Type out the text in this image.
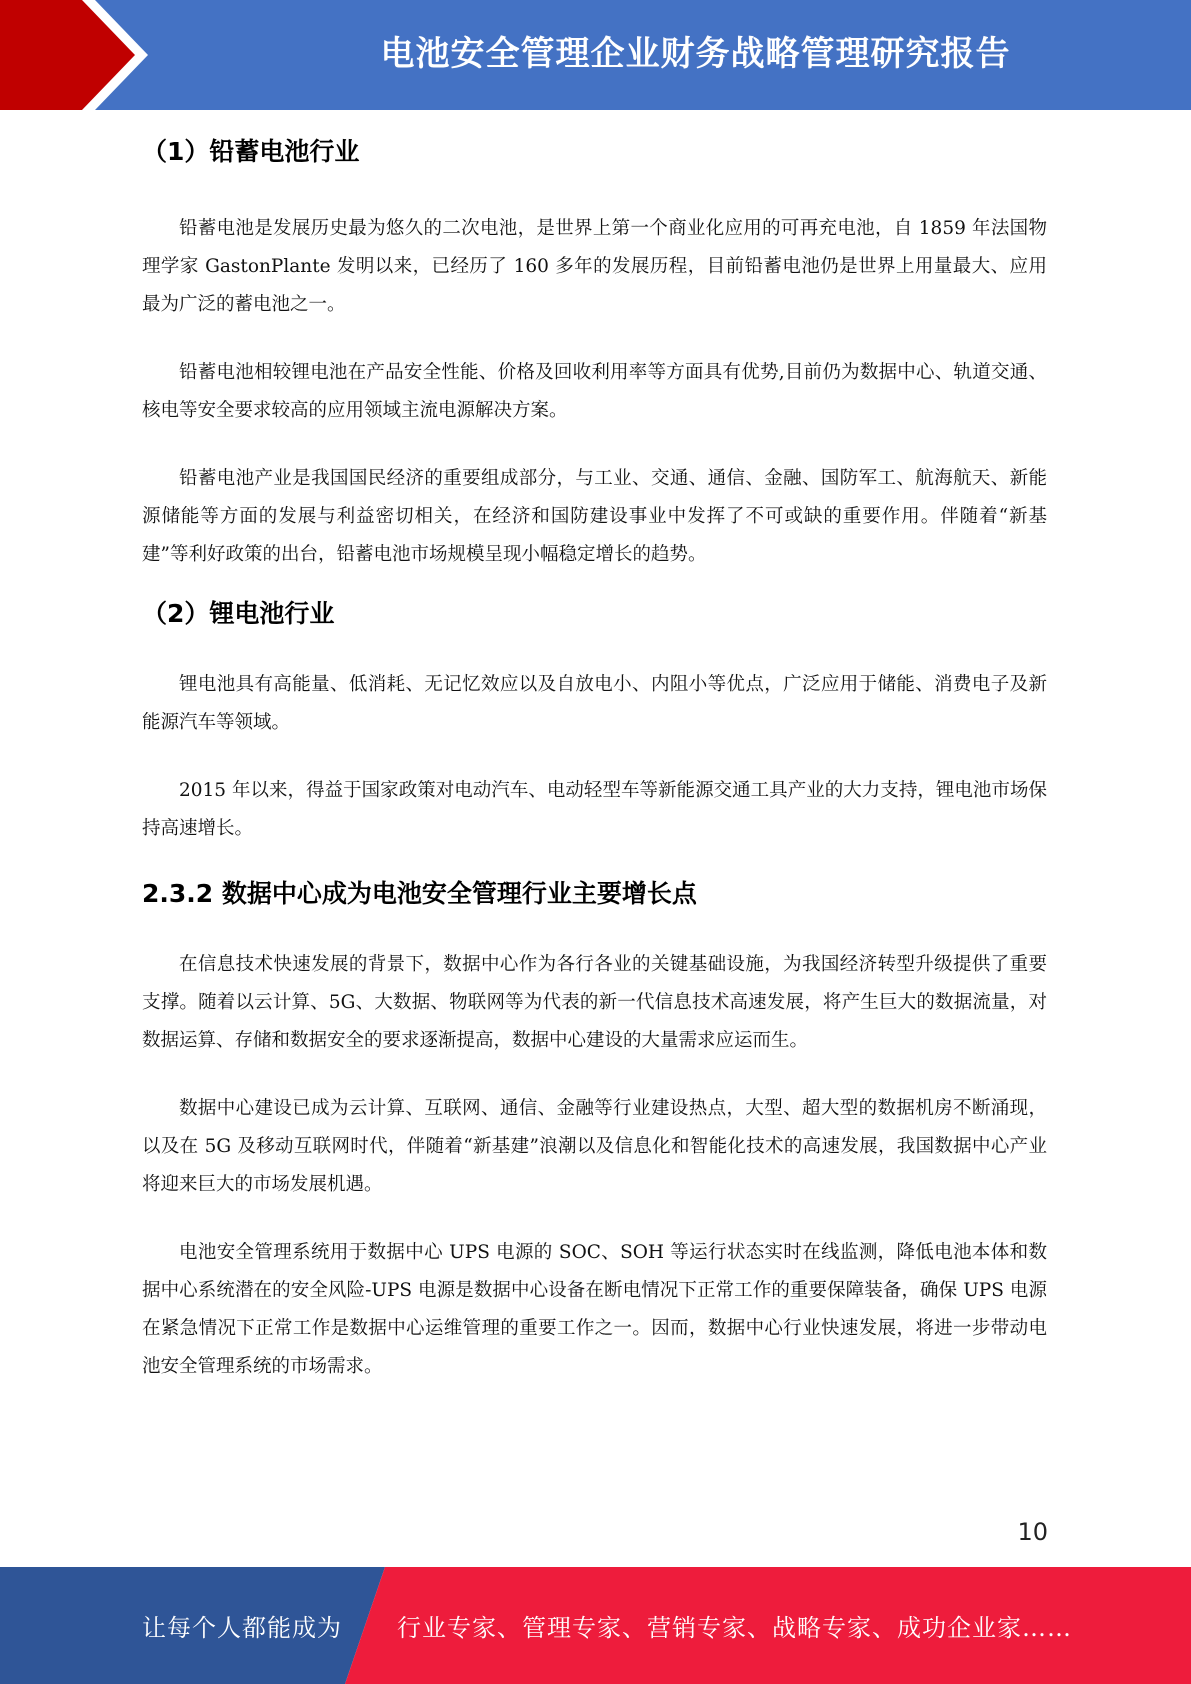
电池安全管理企业财务战略管理研究报告
（1）铅蓄电池行业

铅蓄电池是发展历史最为悠久的二次电池，是世界上第一个商业化应用的可再充电池，自 1859 年法国物理学家 GastonPlante 发明以来，已经历了 160 多年的发展历程，目前铅蓄电池仍是世界上用量最大、应用最为广泛的蓄电池之一。

铅蓄电池相较锂电池在产品安全性能、价格及回收利用率等方面具有优势,目前仍为数据中心、轨道交通、核电等安全要求较高的应用领域主流电源解决方案。

铅蓄电池产业是我国国民经济的重要组成部分，与工业、交通、通信、金融、国防军工、航海航天、新能源储能等方面的发展与利益密切相关，在经济和国防建设事业中发挥了不可或缺的重要作用。伴随着“新基建”等利好政策的出台，铅蓄电池市场规模呈现小幅稳定增长的趋势。

（2）锂电池行业

锂电池具有高能量、低消耗、无记忆效应以及自放电小、内阻小等优点，广泛应用于储能、消费电子及新能源汽车等领域。

2015 年以来，得益于国家政策对电动汽车、电动轻型车等新能源交通工具产业的大力支持，锂电池市场保持高速增长。

2.3.2 数据中心成为电池安全管理行业主要增长点

在信息技术快速发展的背景下，数据中心作为各行各业的关键基础设施，为我国经济转型升级提供了重要支撑。随着以云计算、5G、大数据、物联网等为代表的新一代信息技术高速发展，将产生巨大的数据流量，对数据运算、存储和数据安全的要求逐渐提高，数据中心建设的大量需求应运而生。

数据中心建设已成为云计算、互联网、通信、金融等行业建设热点，大型、超大型的数据机房不断涌现，以及在 5G 及移动互联网时代，伴随着“新基建”浪潮以及信息化和智能化技术的高速发展，我国数据中心产业将迎来巨大的市场发展机遇。

电池安全管理系统用于数据中心 UPS 电源的 SOC、SOH 等运行状态实时在线监测，降低电池本体和数据中心系统潜在的安全风险-UPS 电源是数据中心设备在断电情况下正常工作的重要保障装备，确保 UPS 电源在紧急情况下正常工作是数据中心运维管理的重要工作之一。因而，数据中心行业快速发展，将进一步带动电池安全管理系统的市场需求。

10
让每个人都能成为 行业专家、管理专家、营销专家、战略专家、成功企业家……
